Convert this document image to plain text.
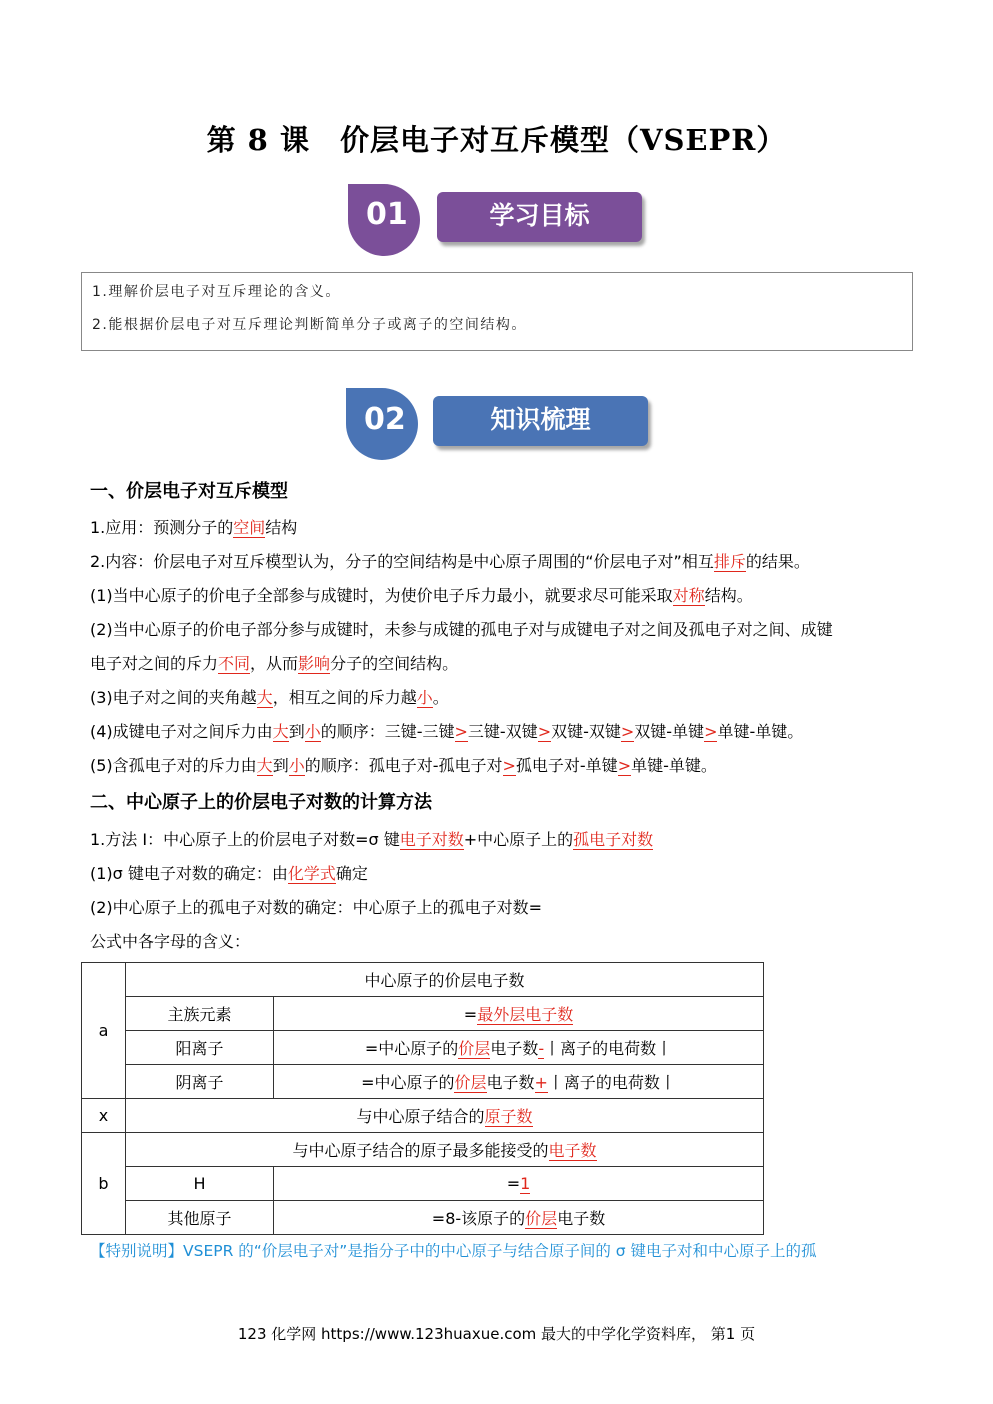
第 8 课　价层电子对互斥模型（VSEPR）
01	学习目标
1.理解价层电子对互斥理论的含义。
2.能根据价层电子对互斥理论判断简单分子或离子的空间结构。
02	知识梳理
一、价层电子对互斥模型
1.应用：预测分子的空间结构
2.内容：价层电子对互斥模型认为，分子的空间结构是中心原子周围的“价层电子对”相互排斥的结果。
(1)当中心原子的价电子全部参与成键时，为使价电子斥力最小，就要求尽可能采取对称结构。
(2)当中心原子的价电子部分参与成键时，未参与成键的孤电子对与成键电子对之间及孤电子对之间、成键
电子对之间的斥力不同，从而影响分子的空间结构。
(3)电子对之间的夹角越大，相互之间的斥力越小。
(4)成键电子对之间斥力由大到小的顺序：三键-三键>三键-双键>双键-双键>双键-单键>单键-单键。
(5)含孤电子对的斥力由大到小的顺序：孤电子对-孤电子对>孤电子对-单键>单键-单键。
二、中心原子上的价层电子对数的计算方法
1.方法 I：中心原子上的价层电子对数=σ 键电子对数+中心原子上的孤电子对数
(1)σ 键电子对数的确定：由化学式确定
(2)中心原子上的孤电子对数的确定：中心原子上的孤电子对数=
公式中各字母的含义：
a	中心原子的价层电子数	
	主族元素	=最外层电子数
	阳离子	=中心原子的价层电子数-丨离子的电荷数丨
	阴离子	=中心原子的价层电子数+丨离子的电荷数丨
x	与中心原子结合的原子数	
b	与中心原子结合的原子最多能接受的电子数	
	H	=1
	其他原子	=8-该原子的价层电子数
【特别说明】VSEPR 的“价层电子对”是指分子中的中心原子与结合原子间的 σ 键电子对和中心原子上的孤
123 化学网 https://www.123huaxue.com 最大的中学化学资料库， 第1 页
